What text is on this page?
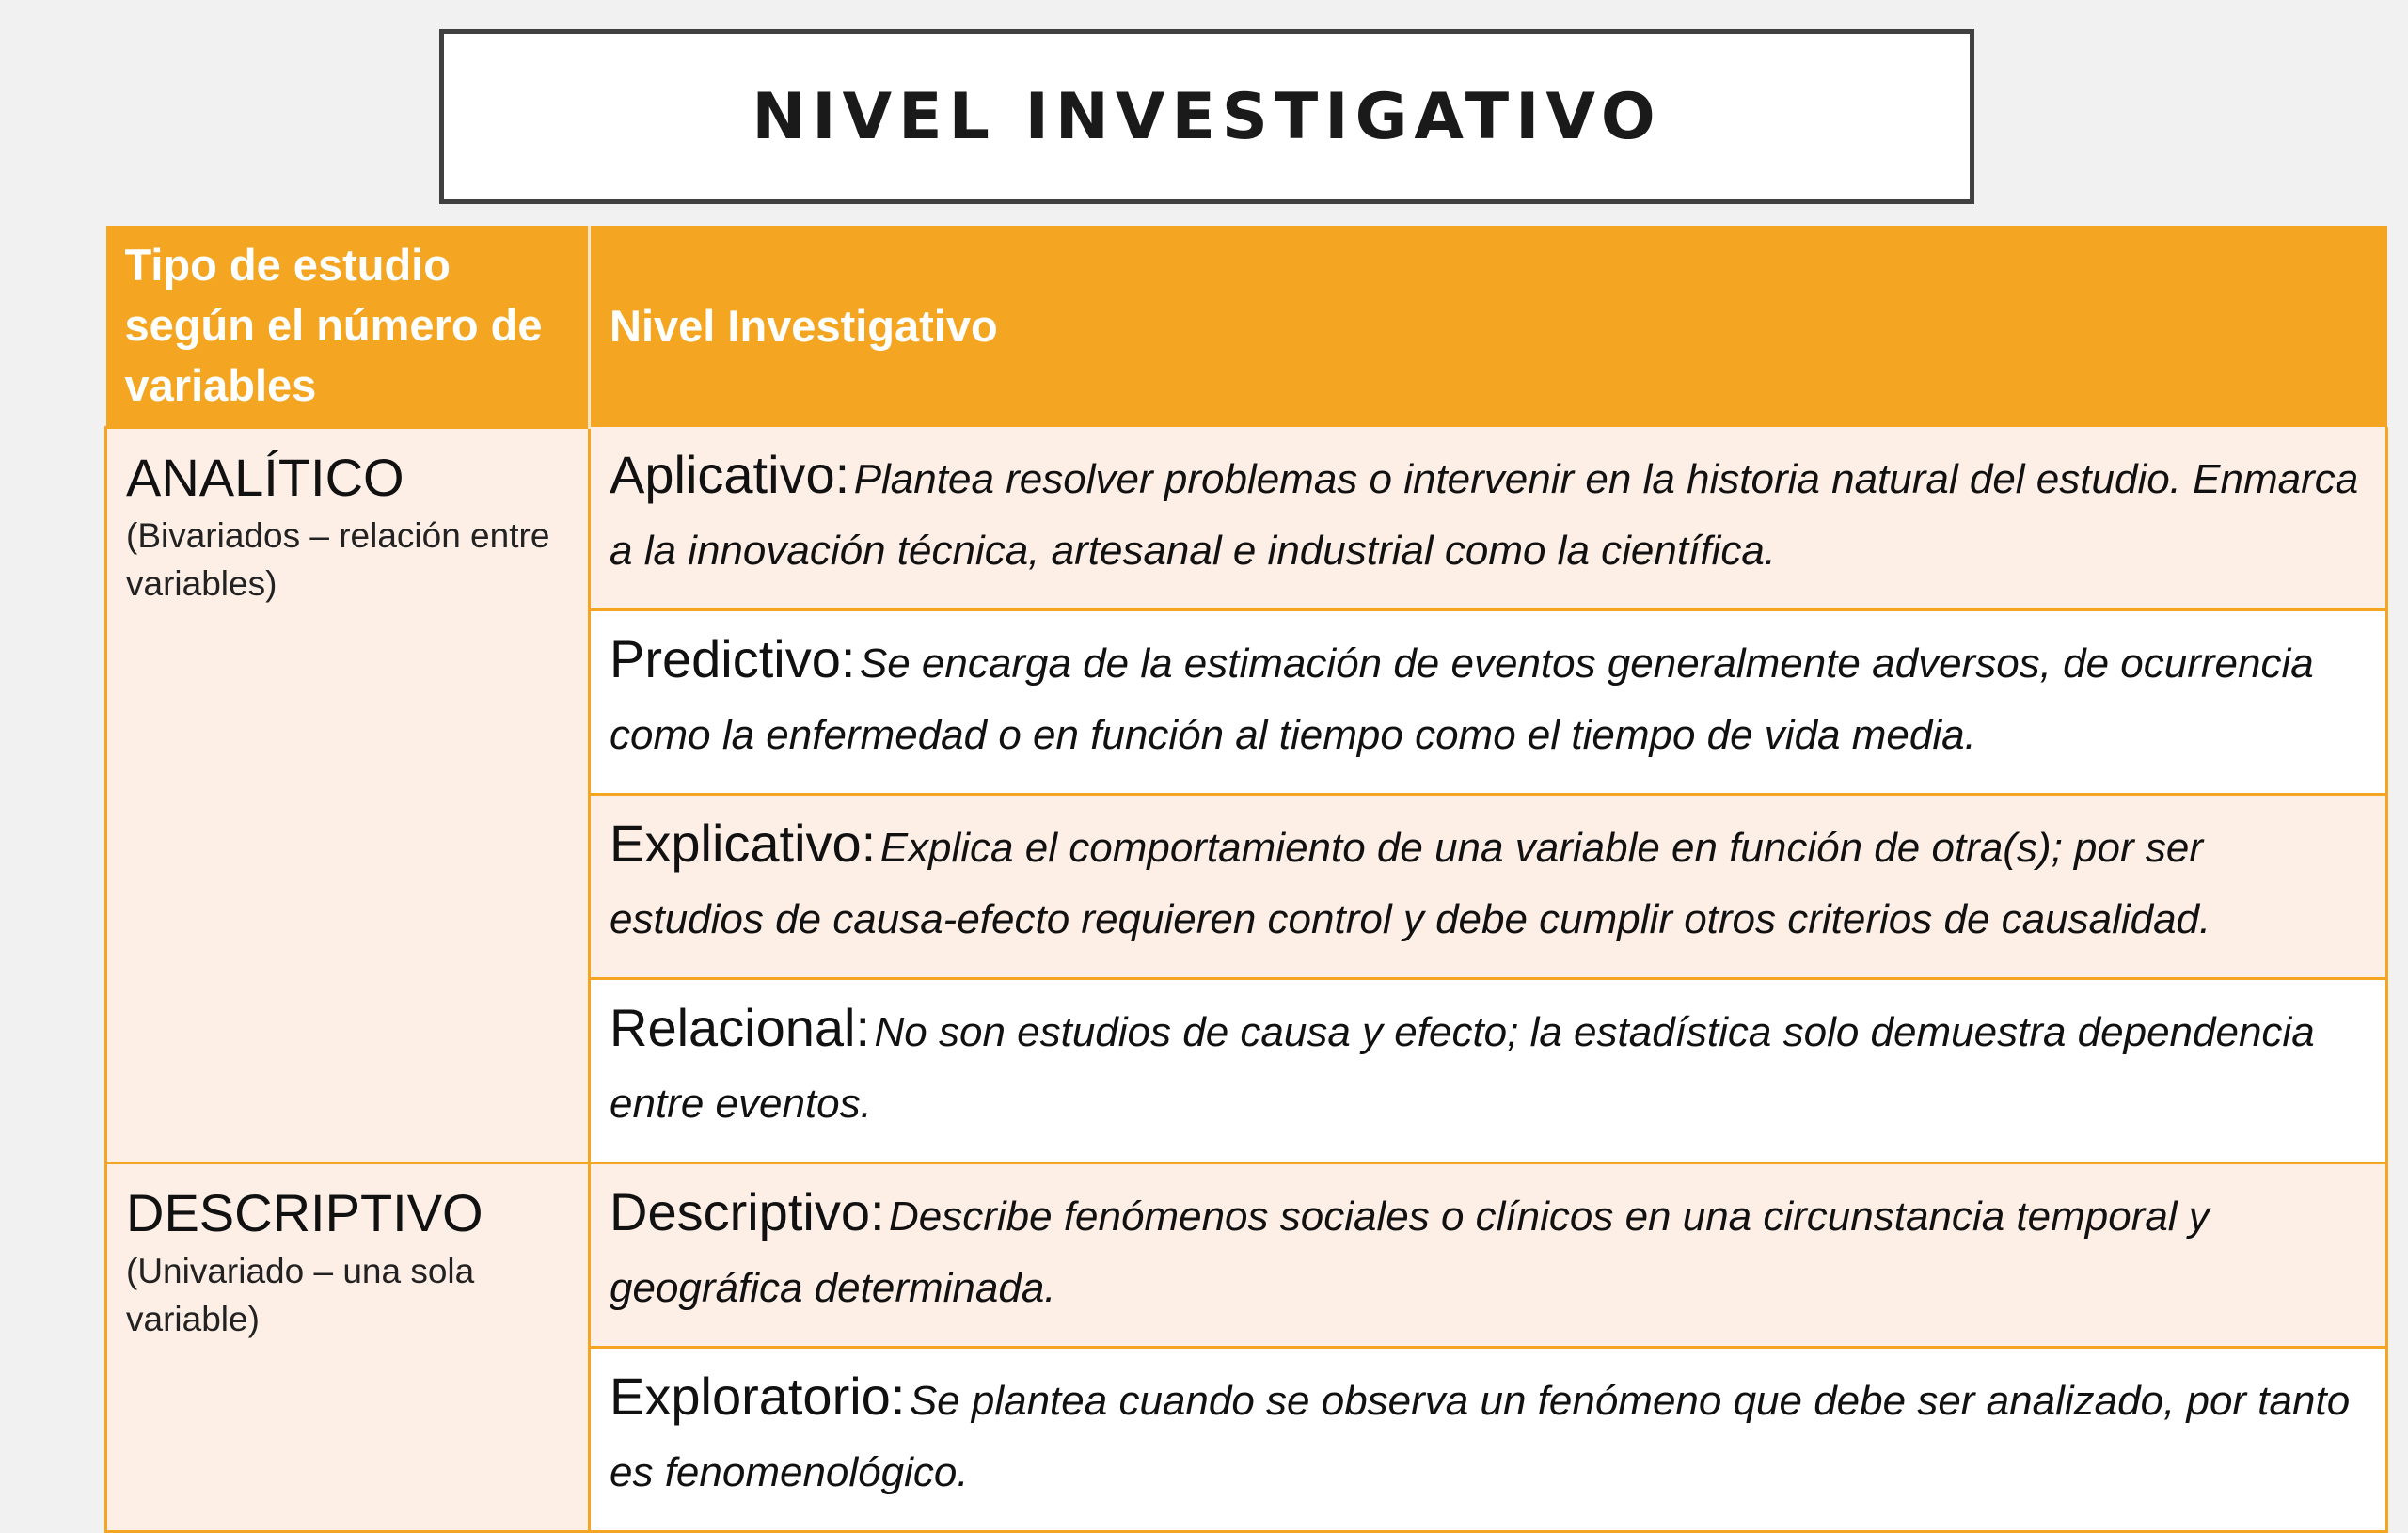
NIVEL INVESTIGATIVO
Tipo de estudio según el número de variables	Nivel Investigativo

ANALÍTICO
(Bivariados – relación entre variables)	Aplicativo: Plantea resolver problemas o intervenir en la historia natural del estudio. Enmarca a la innovación técnica, artesanal e industrial como la científica.
	Predictivo: Se encarga de la estimación de eventos generalmente adversos, de ocurrencia como la enfermedad o en función al tiempo como el tiempo de vida media.
	Explicativo: Explica el comportamiento de una variable en función de otra(s); por ser estudios de causa-efecto requieren control y debe cumplir otros criterios de causalidad.
	Relacional: No son estudios de causa y efecto; la estadística solo demuestra dependencia entre eventos.

DESCRIPTIVO
(Univariado – una sola variable)	Descriptivo: Describe fenómenos sociales o clínicos en una circunstancia temporal y geográfica determinada.
	Exploratorio: Se plantea cuando se observa un fenómeno que debe ser analizado, por tanto es fenomenológico.
